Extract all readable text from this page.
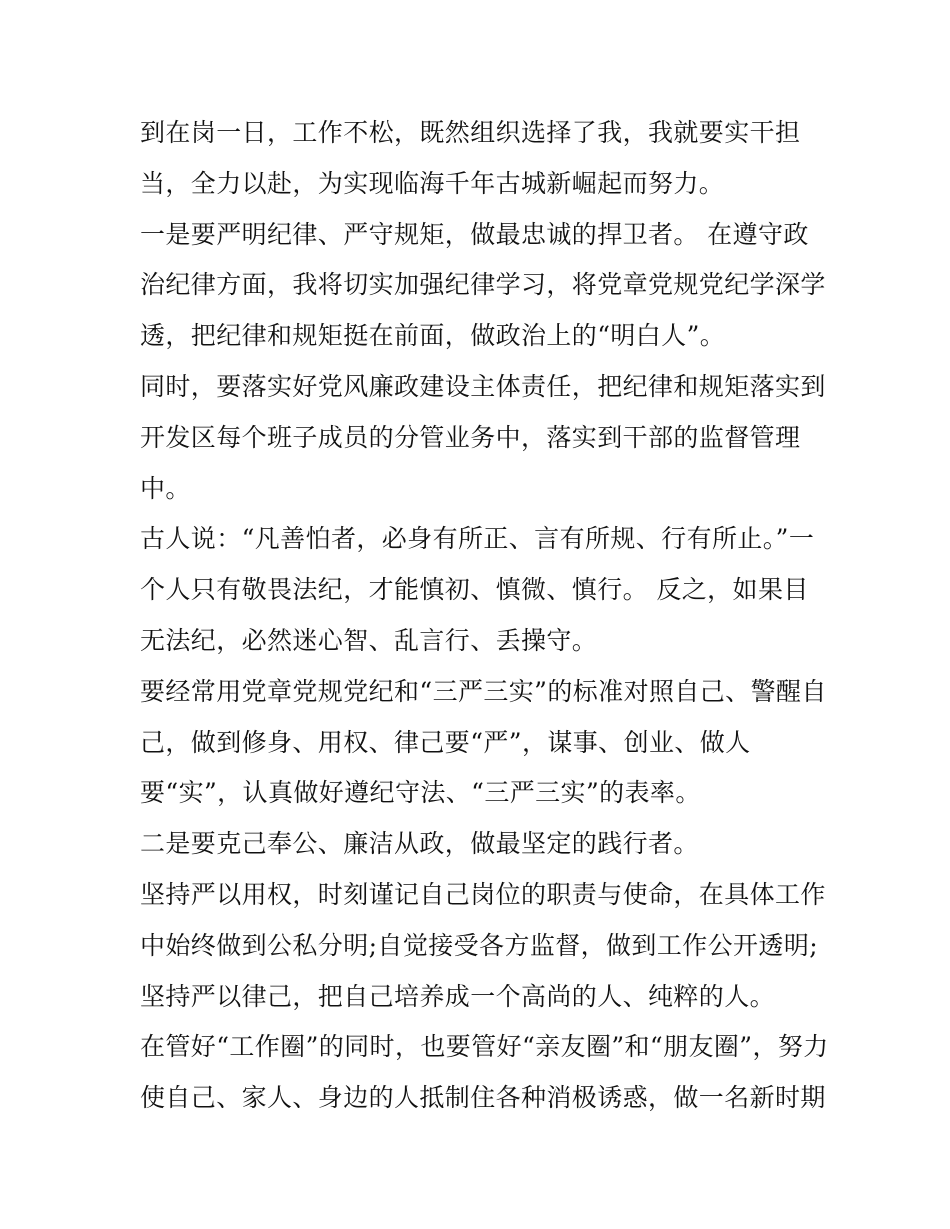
到在岗一日，工作不松，既然组织选择了我，我就要实干担
当，全力以赴，为实现临海千年古城新崛起而努力。
一是要严明纪律、严守规矩，做最忠诚的捍卫者。 在遵守政
治纪律方面，我将切实加强纪律学习，将党章党规党纪学深学
透，把纪律和规矩挺在前面，做政治上的“明白人”。
同时，要落实好党风廉政建设主体责任，把纪律和规矩落实到
开发区每个班子成员的分管业务中，落实到干部的监督管理
中。
古人说：“凡善怕者，必身有所正、言有所规、行有所止。”一
个人只有敬畏法纪，才能慎初、慎微、慎行。 反之，如果目
无法纪，必然迷心智、乱言行、丢操守。
要经常用党章党规党纪和“三严三实”的标准对照自己、警醒自
己，做到修身、用权、律己要“严”，谋事、创业、做人
要“实”，认真做好遵纪守法、“三严三实”的表率。
二是要克己奉公、廉洁从政，做最坚定的践行者。
坚持严以用权，时刻谨记自己岗位的职责与使命，在具体工作
中始终做到公私分明;自觉接受各方监督，做到工作公开透明;
坚持严以律己，把自己培养成一个高尚的人、纯粹的人。
在管好“工作圈”的同时，也要管好“亲友圈”和“朋友圈”，努力
使自己、家人、身边的人抵制住各种消极诱惑，做一名新时期
